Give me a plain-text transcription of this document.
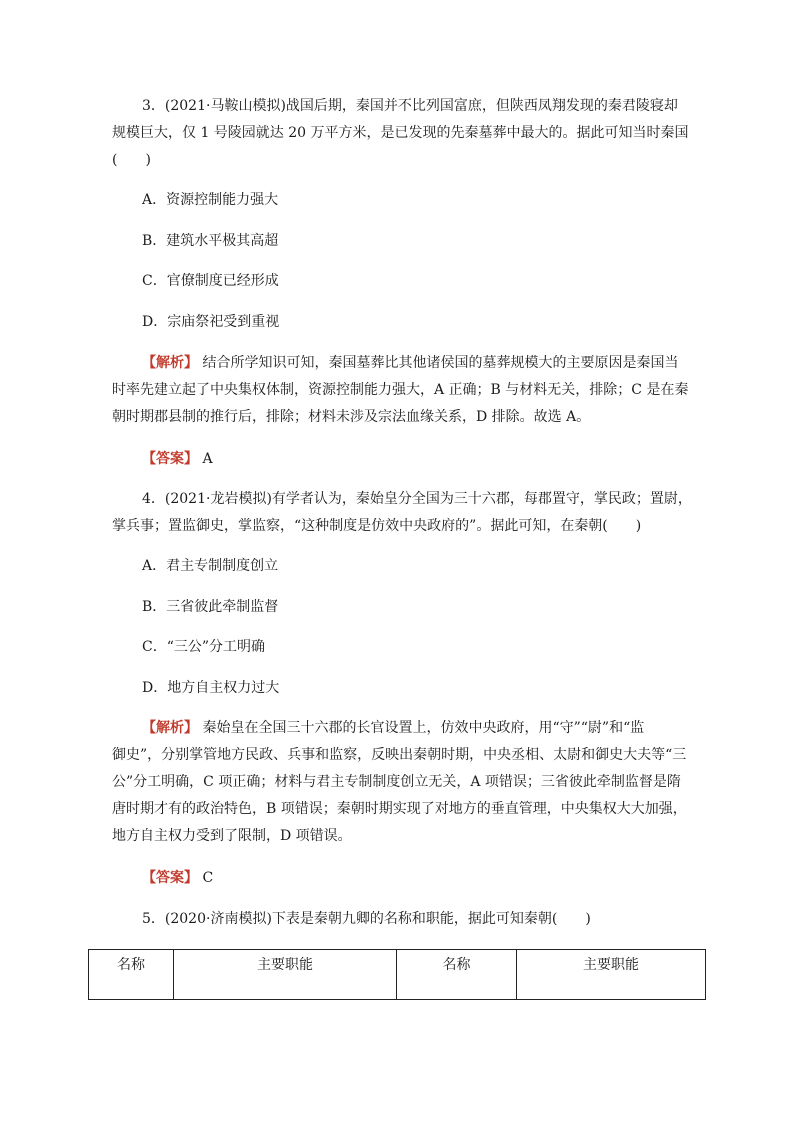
3．(2021·马鞍山模拟)战国后期，秦国并不比列国富庶，但陕西凤翔发现的秦君陵寝却
规模巨大，仅 1 号陵园就达 20 万平方米，是已发现的先秦墓葬中最大的。据此可知当时秦国
(　　)
A．资源控制能力强大
B．建筑水平极其高超
C．官僚制度已经形成
D．宗庙祭祀受到重视
【解析】 结合所学知识可知，秦国墓葬比其他诸侯国的墓葬规模大的主要原因是秦国当
时率先建立起了中央集权体制，资源控制能力强大，A 正确；B 与材料无关，排除；C 是在秦
朝时期郡县制的推行后，排除；材料未涉及宗法血缘关系，D 排除。故选 A。
【答案】 A
4．(2021·龙岩模拟)有学者认为，秦始皇分全国为三十六郡，每郡置守，掌民政；置尉，
掌兵事；置监御史，掌监察，“这种制度是仿效中央政府的”。据此可知，在秦朝(　　)
A．君主专制制度创立
B．三省彼此牵制监督
C．“三公”分工明确
D．地方自主权力过大
【解析】 秦始皇在全国三十六郡的长官设置上，仿效中央政府，用“守”“尉”和“监
御史”，分别掌管地方民政、兵事和监察，反映出秦朝时期，中央丞相、太尉和御史大夫等“三
公”分工明确，C 项正确；材料与君主专制制度创立无关，A 项错误；三省彼此牵制监督是隋
唐时期才有的政治特色，B 项错误；秦朝时期实现了对地方的垂直管理，中央集权大大加强，
地方自主权力受到了限制，D 项错误。
【答案】 C
5．(2020·济南模拟)下表是秦朝九卿的名称和职能，据此可知秦朝(　　)
名称	主要职能	名称	主要职能
